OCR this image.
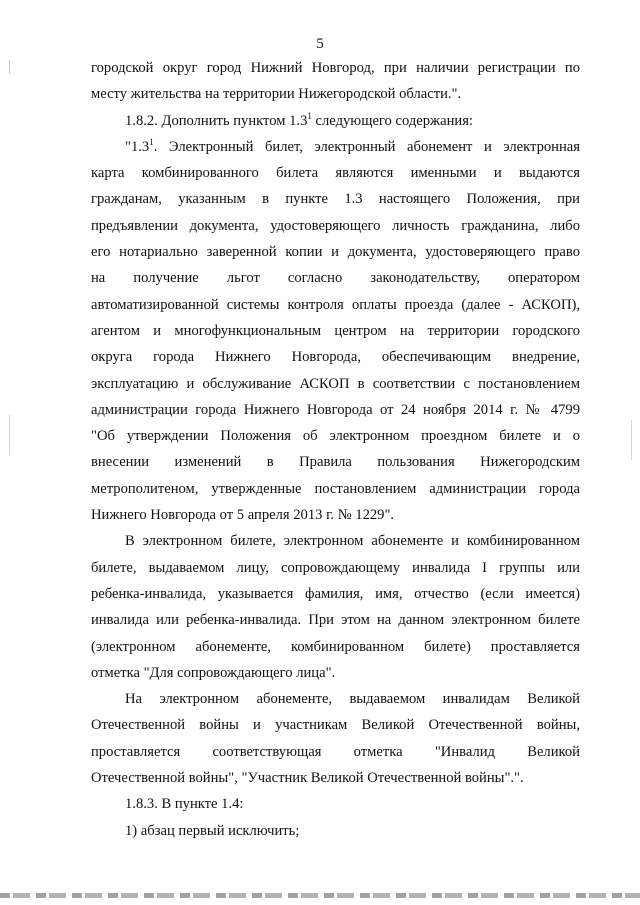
5
городской округ город Нижний Новгород, при наличии регистрации по
месту жительства на территории Нижегородской области.".
1.8.2. Дополнить пунктом $1.3^1$ следующего содержания:
"$1.3^1$. Электронный билет, электронный абонемент и электронная
карта комбинированного билета являются именными и выдаются
гражданам, указанным в пункте 1.3 настоящего Положения, при
предъявлении документа, удостоверяющего личность гражданина, либо
его нотариально заверенной копии и документа, удостоверяющего право
на получение льгот согласно законодательству, оператором
автоматизированной системы контроля оплаты проезда (далее - АСКОП),
агентом и многофункциональным центром на территории городского
округа города Нижнего Новгорода, обеспечивающим внедрение,
эксплуатацию и обслуживание АСКОП в соответствии с постановлением
администрации города Нижнего Новгорода от 24 ноября 2014 г. № 4799
"Об утверждении Положения об электронном проездном билете и о
внесении изменений в Правила пользования Нижегородским
метрополитеном, утвержденные постановлением администрации города
Нижнего Новгорода от 5 апреля 2013 г. № 1229".
В электронном билете, электронном абонементе и комбинированном
билете, выдаваемом лицу, сопровождающему инвалида I группы или
ребенка-инвалида, указывается фамилия, имя, отчество (если имеется)
инвалида или ребенка-инвалида. При этом на данном электронном билете
(электронном абонементе, комбинированном билете) проставляется
отметка "Для сопровождающего лица".
На электронном абонементе, выдаваемом инвалидам Великой
Отечественной войны и участникам Великой Отечественной войны,
проставляется соответствующая отметка "Инвалид Великой
Отечественной войны", "Участник Великой Отечественной войны".".
1.8.3. В пункте 1.4:
1) абзац первый исключить;
